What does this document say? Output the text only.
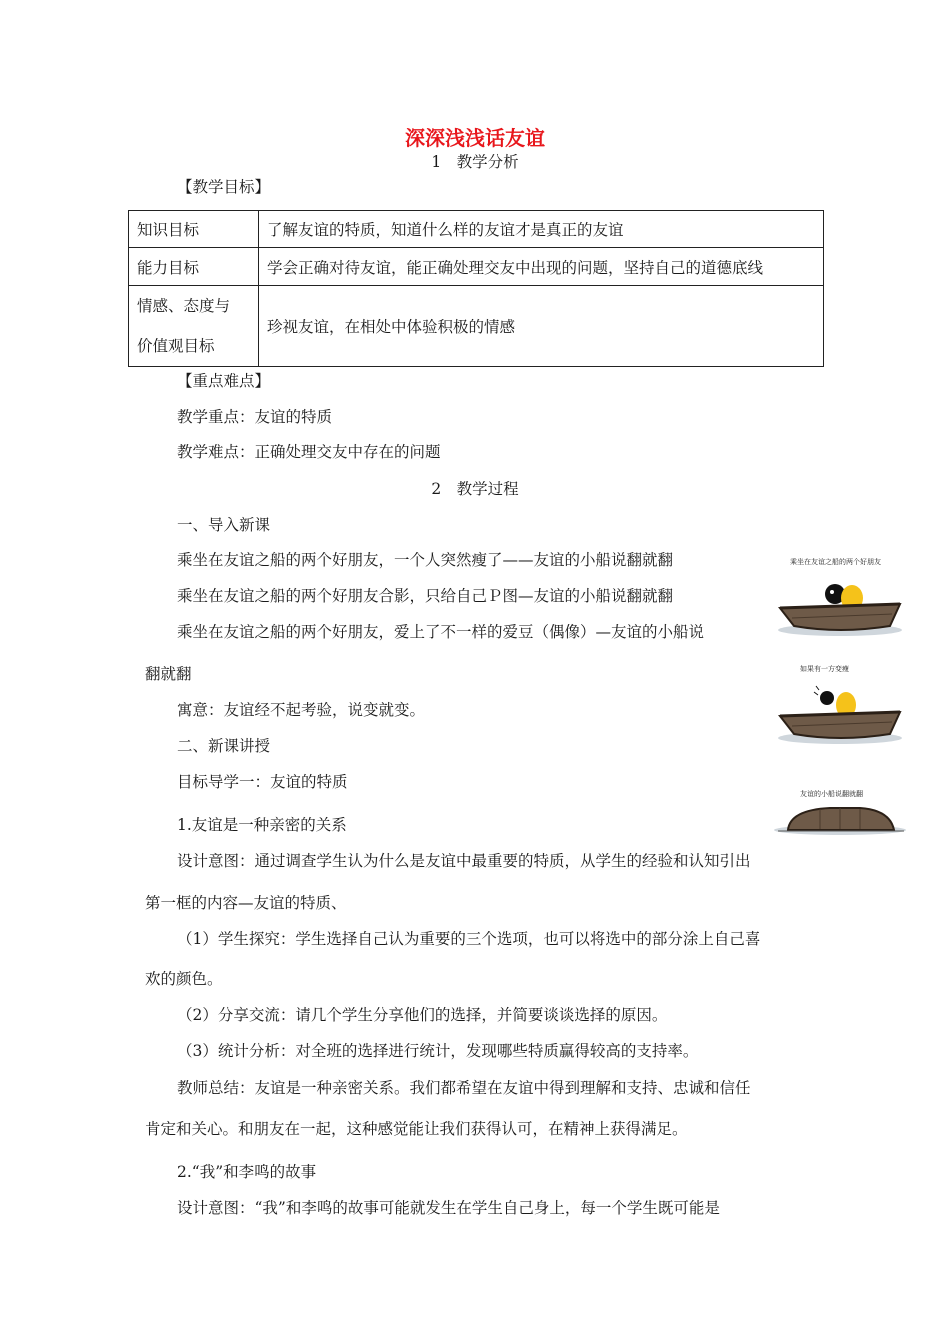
深深浅浅话友谊
1　教学分析
【教学目标】
知识目标	了解友谊的特质，知道什么样的友谊才是真正的友谊
能力目标	学会正确对待友谊，能正确处理交友中出现的问题，坚持自己的道德底线

情感、态度与
价值观目标	珍视友谊，在相处中体验积极的情感
【重点难点】
教学重点：友谊的特质
教学难点：正确处理交友中存在的问题
2　教学过程
一、导入新课
乘坐在友谊之船的两个好朋友，一个人突然瘦了——友谊的小船说翻就翻
乘坐在友谊之船的两个好朋友合影，只给自己Ｐ图—友谊的小船说翻就翻
乘坐在友谊之船的两个好朋友，爱上了不一样的爱豆（偶像）—友谊的小船说
翻就翻
寓意：友谊经不起考验，说变就变。
二、新课讲授
目标导学一：友谊的特质
1.友谊是一种亲密的关系
设计意图：通过调查学生认为什么是友谊中最重要的特质，从学生的经验和认知引出
第一框的内容—友谊的特质、
（1）学生探究：学生选择自己认为重要的三个选项，也可以将选中的部分涂上自己喜
欢的颜色。
（2）分享交流：请几个学生分享他们的选择，并简要谈谈选择的原因。
（3）统计分析：对全班的选择进行统计，发现哪些特质赢得较高的支持率。
教师总结：友谊是一种亲密关系。我们都希望在友谊中得到理解和支持、忠诚和信任
肯定和关心。和朋友在一起，这种感觉能让我们获得认可，在精神上获得满足。
2.“我”和李鸣的故事
设计意图：“我”和李鸣的故事可能就发生在学生自己身上，每一个学生既可能是
乘坐在友谊之船的两个好朋友
如果有一方变瘦
友谊的小船说翻就翻
